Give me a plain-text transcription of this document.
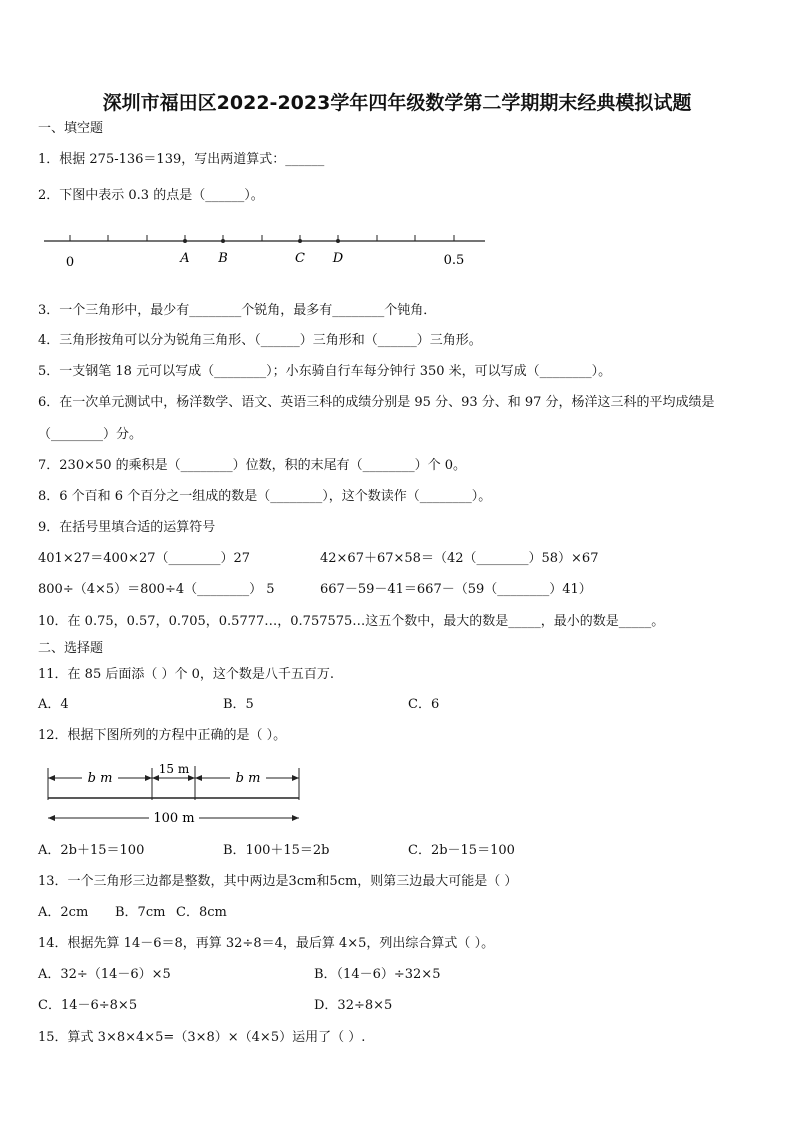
深圳市福田区2022-2023学年四年级数学第二学期期末经典模拟试题
一、填空题
1．根据 275-136＝139，写出两道算式：______
2．下图中表示 0.3 的点是（______）。
0	A B	C D	0.5
3．一个三角形中，最少有________个锐角，最多有________个钝角．
4．三角形按角可以分为锐角三角形、（______）三角形和（______）三角形。
5．一支钢笔 18 元可以写成（________）；小东骑自行车每分钟行 350 米，可以写成（________）。
6．在一次单元测试中，杨洋数学、语文、英语三科的成绩分别是 95 分、93 分、和 97 分，杨洋这三科的平均成绩是
（________）分。
7．230×50 的乘积是（________）位数，积的末尾有（________）个 0。
8．6 个百和 6 个百分之一组成的数是（________），这个数读作（________）。
9．在括号里填合适的运算符号
401×27＝400×27（________）27	42×67＋67×58＝（42（________）58）×67
800÷（4×5）＝800÷4（________） 5	667－59－41＝667－（59（________）41）
10．在 0.75，0.57，0.705，0.5777…，0.757575…这五个数中，最大的数是_____，最小的数是_____。
二、选择题
11．在 85 后面添（ ）个 0，这个数是八千五百万.
A．4	B．5	C．6
12．根据下图所列的方程中正确的是（ ）。
b m
15 m
b m
100 m
A．2b＋15＝100	B．100＋15＝2b	C．2b－15＝100
13．一个三角形三边都是整数，其中两边是3cm和5cm，则第三边最大可能是（ ）
A．2cm B．7cm C．8cm
14．根据先算 14－6＝8，再算 32÷8＝4，最后算 4×5，列出综合算式（ ）。
A．32÷（14－6）×5	B．（14－6）÷32×5
C．14－6÷8×5	D．32÷8×5
15．算式 3×8×4×5=（3×8）×（4×5）运用了（ ）.
